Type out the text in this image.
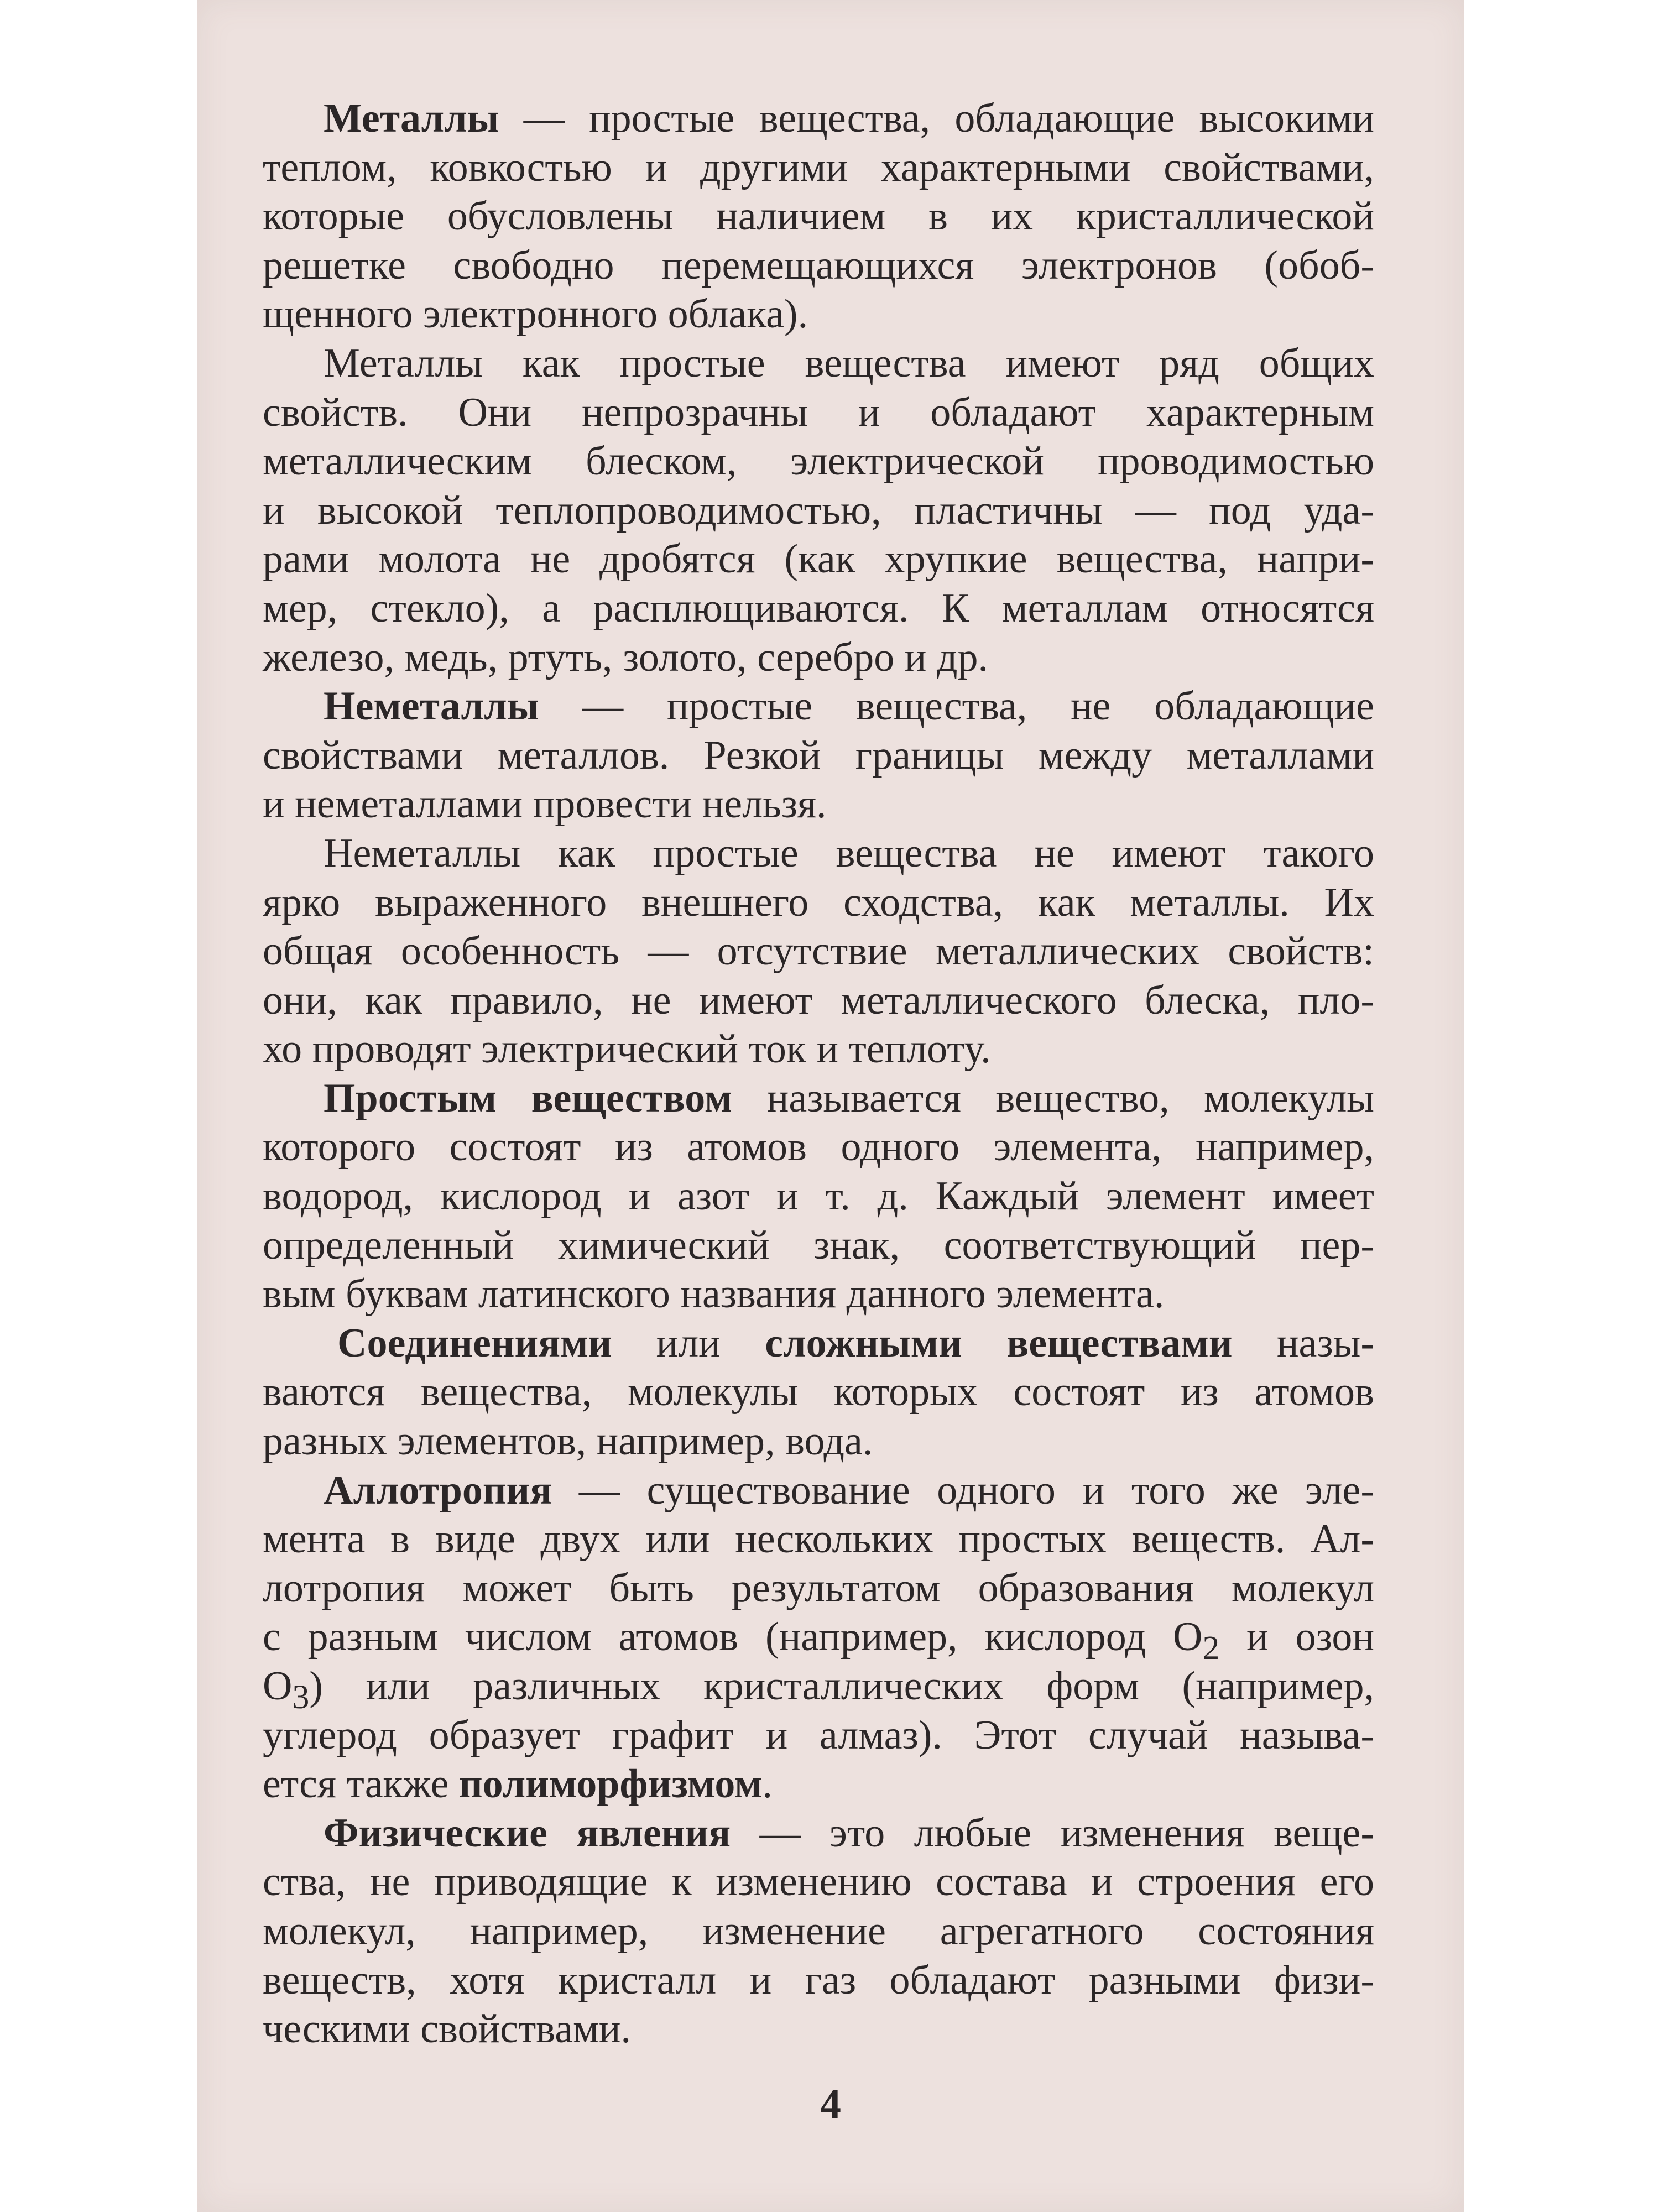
Металлы — простые вещества, обладающие высокими
теплом, ковкостью и другими характерными свойствами,
которые обусловлены наличием в их кристаллической
решетке свободно перемещающихся электронов (обоб-
щенного электронного облака).
Металлы как простые вещества имеют ряд общих
свойств. Они непрозрачны и обладают характерным
металлическим блеском, электрической проводимостью
и высокой теплопроводимостью, пластичны — под уда-
рами молота не дробятся (как хрупкие вещества, напри-
мер, стекло), а расплющиваются. К металлам относятся
железо, медь, ртуть, золото, серебро и др.
Неметаллы — простые вещества, не обладающие
свойствами металлов. Резкой границы между металлами
и неметаллами провести нельзя.
Неметаллы как простые вещества не имеют такого
ярко выраженного внешнего сходства, как металлы. Их
общая особенность — отсутствие металлических свойств:
они, как правило, не имеют металлического блеска, пло-
хо проводят электрический ток и теплоту.
Простым веществом называется вещество, молекулы
которого состоят из атомов одного элемента, например,
водород, кислород и азот и т. д. Каждый элемент имеет
определенный химический знак, соответствующий пер-
вым буквам латинского названия данного элемента.
Соединениями или сложными веществами назы-
ваются вещества, молекулы которых состоят из атомов
разных элементов, например, вода.
Аллотропия — существование одного и того же эле-
мента в виде двух или нескольких простых веществ. Ал-
лотропия может быть результатом образования молекул
с разным числом атомов (например, кислород $O_2$ и озон
$O_3$) или различных кристаллических форм (например,
углерод образует графит и алмаз). Этот случай называ-
ется также полиморфизмом.
Физические явления — это любые изменения веще-
ства, не приводящие к изменению состава и строения его
молекул, например, изменение агрегатного состояния
веществ, хотя кристалл и газ обладают разными физи-
ческими свойствами.
4
